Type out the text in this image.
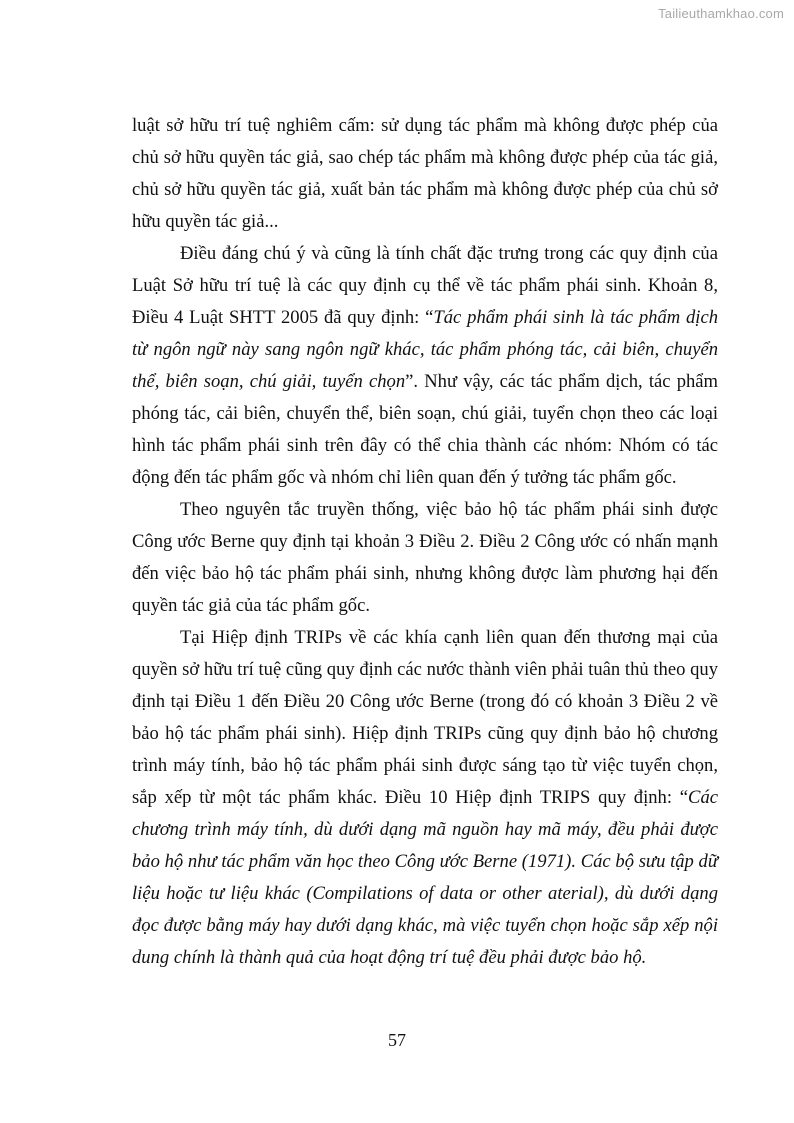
Tailieuthamkhao.com

luật sở hữu trí tuệ nghiêm cấm: sử dụng tác phẩm mà không được phép của chủ sở hữu quyền tác giả, sao chép tác phẩm mà không được phép của tác giả, chủ sở hữu quyền tác giả, xuất bản tác phẩm mà không được phép của chủ sở hữu quyền tác giả...

Điều đáng chú ý và cũng là tính chất đặc trưng trong các quy định của Luật Sở hữu trí tuệ là các quy định cụ thể về tác phẩm phái sinh. Khoản 8, Điều 4 Luật SHTT 2005 đã quy định: “Tác phẩm phái sinh là tác phẩm dịch từ ngôn ngữ này sang ngôn ngữ khác, tác phẩm phóng tác, cải biên, chuyển thể, biên soạn, chú giải, tuyển chọn”. Như vậy, các tác phẩm dịch, tác phẩm phóng tác, cải biên, chuyển thể, biên soạn, chú giải, tuyển chọn theo các loại hình tác phẩm phái sinh trên đây có thể chia thành các nhóm: Nhóm có tác động đến tác phẩm gốc và nhóm chỉ liên quan đến ý tưởng tác phẩm gốc.

Theo nguyên tắc truyền thống, việc bảo hộ tác phẩm phái sinh được Công ước Berne quy định tại khoản 3 Điều 2. Điều 2 Công ước có nhấn mạnh đến việc bảo hộ tác phẩm phái sinh, nhưng không được làm phương hại đến quyền tác giả của tác phẩm gốc.

Tại Hiệp định TRIPs về các khía cạnh liên quan đến thương mại của quyền sở hữu trí tuệ cũng quy định các nước thành viên phải tuân thủ theo quy định tại Điều 1 đến Điều 20 Công ước Berne (trong đó có khoản 3 Điều 2 về bảo hộ tác phẩm phái sinh). Hiệp định TRIPs cũng quy định bảo hộ chương trình máy tính, bảo hộ tác phẩm phái sinh được sáng tạo từ việc tuyển chọn, sắp xếp từ một tác phẩm khác. Điều 10 Hiệp định TRIPS quy định: “Các chương trình máy tính, dù dưới dạng mã nguồn hay mã máy, đều phải được bảo hộ như tác phẩm văn học theo Công ước Berne (1971). Các bộ sưu tập dữ liệu hoặc tư liệu khác (Compilations of data or other aterial), dù dưới dạng đọc được bằng máy hay dưới dạng khác, mà việc tuyển chọn hoặc sắp xếp nội dung chính là thành quả của hoạt động trí tuệ đều phải được bảo hộ.

57
